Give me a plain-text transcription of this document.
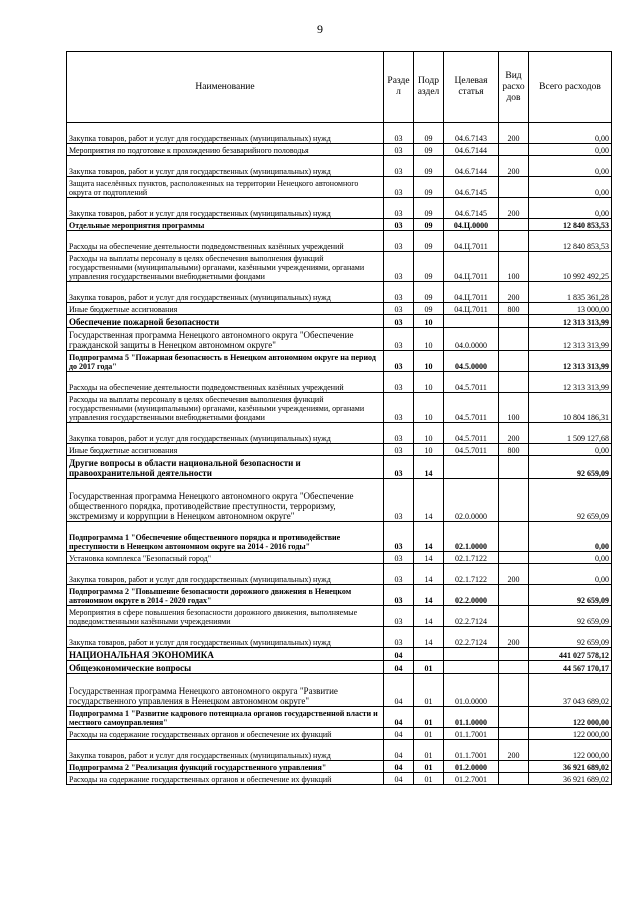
9
Наименование	Разде л	Подр аздел	Целевая статья	Вид расхо дов	Всего расходов
Закупка товаров, работ и услуг для государственных (муниципальных) нужд	03	09	04.6.7143	200	0,00
Мероприятия по подготовке к прохождению безаварийного половодья	03	09	04.6.7144		0,00
Закупка товаров, работ и услуг для государственных (муниципальных) нужд	03	09	04.6.7144	200	0,00
Защита населённых пунктов, расположенных на территории Ненецкого автономного округа от подтоплений	03	09	04.6.7145		0,00
Закупка товаров, работ и услуг для государственных (муниципальных) нужд	03	09	04.6.7145	200	0,00
Отдельные мероприятия программы	03	09	04.Ц.0000		12 840 853,53
Расходы на обеспечение деятельности подведомственных казённых учреждений	03	09	04.Ц.7011		12 840 853,53
Расходы на выплаты персоналу в целях обеспечения выполнения функций государственными (муниципальными) органами, казёнными учреждениями, органами управления государственными внебюджетными фондами	03	09	04.Ц.7011	100	10 992 492,25
Закупка товаров, работ и услуг для государственных (муниципальных) нужд	03	09	04.Ц.7011	200	1 835 361,28
Иные бюджетные ассигнования	03	09	04.Ц.7011	800	13 000,00
Обеспечение пожарной безопасности	03	10			12 313 313,99
Государственная программа Ненецкого автономного округа "Обеспечение гражданской защиты в Ненецком автономном округе"	03	10	04.0.0000		12 313 313,99
Подпрограмма 5 "Пожарная безопасность в Ненецком автономном округе на период до 2017 года"	03	10	04.5.0000		12 313 313,99
Расходы на обеспечение деятельности подведомственных казённых учреждений	03	10	04.5.7011		12 313 313,99
Расходы на выплаты персоналу в целях обеспечения выполнения функций государственными (муниципальными) органами, казёнными учреждениями, органами управления государственными внебюджетными фондами	03	10	04.5.7011	100	10 804 186,31
Закупка товаров, работ и услуг для государственных (муниципальных) нужд	03	10	04.5.7011	200	1 509 127,68
Иные бюджетные ассигнования	03	10	04.5.7011	800	0,00
Другие вопросы в области национальной безопасности и правоохранительной деятельности	03	14			92 659,09
Государственная программа Ненецкого автономного округа "Обеспечение общественного порядка, противодействие преступности, терроризму, экстремизму и коррупции в Ненецком автономном округе"	03	14	02.0.0000		92 659,09
Подпрограмма 1 "Обеспечение общественного порядка и противодействие преступности в Ненецком автономном округе на 2014 - 2016 годы"	03	14	02.1.0000		0,00
Установка комплекса "Безопасный город"	03	14	02.1.7122		0,00
Закупка товаров, работ и услуг для государственных (муниципальных) нужд	03	14	02.1.7122	200	0,00
Подпрограмма 2 "Повышение безопасности дорожного движения в Ненецком автономном округе в 2014 - 2020 годах"	03	14	02.2.0000		92 659,09
Мероприятия в сфере повышения безопасности дорожного движения, выполняемые подведомственными казёнными учреждениями	03	14	02.2.7124		92 659,09
Закупка товаров, работ и услуг для государственных (муниципальных) нужд	03	14	02.2.7124	200	92 659,09
НАЦИОНАЛЬНАЯ ЭКОНОМИКА	04				441 027 578,12
Общеэкономические вопросы	04	01			44 567 170,17
Государственная программа Ненецкого автономного округа "Развитие государственного управления в Ненецком автономном округе"	04	01	01.0.0000		37 043 689,02
Подпрограмма 1 "Развитие кадрового потенциала органов государственной власти и местного самоуправления"	04	01	01.1.0000		122 000,00
Расходы на содержание государственных органов и обеспечение их функций	04	01	01.1.7001		122 000,00
Закупка товаров, работ и услуг для государственных (муниципальных) нужд	04	01	01.1.7001	200	122 000,00
Подпрограмма 2 "Реализация функций государственного управления"	04	01	01.2.0000		36 921 689,02
Расходы на содержание государственных органов и обеспечение их функций	04	01	01.2.7001		36 921 689,02
